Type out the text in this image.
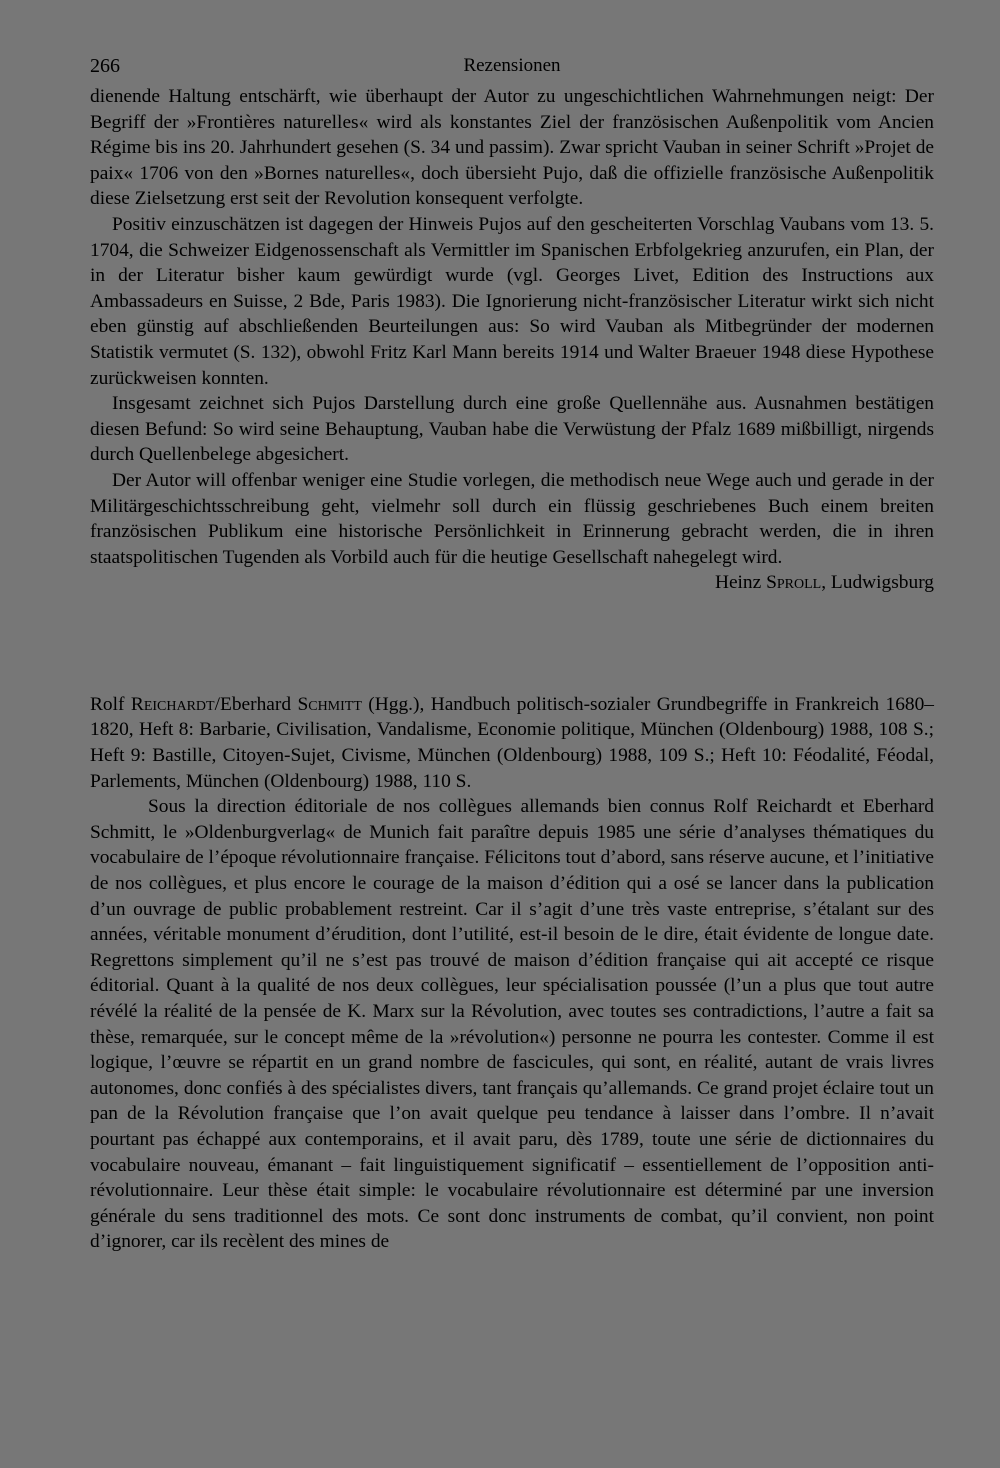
266	Rezensionen

dienende Haltung entschärft, wie überhaupt der Autor zu ungeschichtlichen Wahrnehmungen neigt: Der Begriff der »Frontières naturelles« wird als konstantes Ziel der französischen Außenpolitik vom Ancien Régime bis ins 20. Jahrhundert gesehen (S. 34 und passim). Zwar spricht Vauban in seiner Schrift »Projet de paix« 1706 von den »Bornes naturelles«, doch übersieht Pujo, daß die offizielle französische Außenpolitik diese Zielsetzung erst seit der Revolution konsequent verfolgte.

Positiv einzuschätzen ist dagegen der Hinweis Pujos auf den gescheiterten Vorschlag Vaubans vom 13. 5. 1704, die Schweizer Eidgenossenschaft als Vermittler im Spanischen Erbfolgekrieg anzurufen, ein Plan, der in der Literatur bisher kaum gewürdigt wurde (vgl. Georges Livet, Edition des Instructions aux Ambassadeurs en Suisse, 2 Bde, Paris 1983). Die Ignorierung nicht-französischer Literatur wirkt sich nicht eben günstig auf abschließenden Beurteilungen aus: So wird Vauban als Mitbegründer der modernen Statistik vermutet (S. 132), obwohl Fritz Karl Mann bereits 1914 und Walter Braeuer 1948 diese Hypothese zurückweisen konnten.

Insgesamt zeichnet sich Pujos Darstellung durch eine große Quellennähe aus. Ausnahmen bestätigen diesen Befund: So wird seine Behauptung, Vauban habe die Verwüstung der Pfalz 1689 mißbilligt, nirgends durch Quellenbelege abgesichert.

Der Autor will offenbar weniger eine Studie vorlegen, die methodisch neue Wege auch und gerade in der Militärgeschichtsschreibung geht, vielmehr soll durch ein flüssig geschriebenes Buch einem breiten französischen Publikum eine historische Persönlichkeit in Erinnerung gebracht werden, die in ihren staatspolitischen Tugenden als Vorbild auch für die heutige Gesellschaft nahegelegt wird.

Heinz Sproll, Ludwigsburg

Rolf Reichardt/Eberhard Schmitt (Hgg.), Handbuch politisch-sozialer Grundbegriffe in Frankreich 1680–1820, Heft 8: Barbarie, Civilisation, Vandalisme, Economie politique, München (Oldenbourg) 1988, 108 S.; Heft 9: Bastille, Citoyen-Sujet, Civisme, München (Oldenbourg) 1988, 109 S.; Heft 10: Féodalité, Féodal, Parlements, München (Oldenbourg) 1988, 110 S.

Sous la direction éditoriale de nos collègues allemands bien connus Rolf Reichardt et Eberhard Schmitt, le »Oldenburgverlag« de Munich fait paraître depuis 1985 une série d’analyses thématiques du vocabulaire de l’époque révolutionnaire française. Félicitons tout d’abord, sans réserve aucune, et l’initiative de nos collègues, et plus encore le courage de la maison d’édition qui a osé se lancer dans la publication d’un ouvrage de public probablement restreint. Car il s’agit d’une très vaste entreprise, s’étalant sur des années, véritable monument d’érudition, dont l’utilité, est-il besoin de le dire, était évidente de longue date. Regrettons simplement qu’il ne s’est pas trouvé de maison d’édition française qui ait accepté ce risque éditorial. Quant à la qualité de nos deux collègues, leur spécialisation poussée (l’un a plus que tout autre révélé la réalité de la pensée de K. Marx sur la Révolution, avec toutes ses contradictions, l’autre a fait sa thèse, remarquée, sur le concept même de la »révolution«) personne ne pourra les contester. Comme il est logique, l’œuvre se répartit en un grand nombre de fascicules, qui sont, en réalité, autant de vrais livres autonomes, donc confiés à des spécialistes divers, tant français qu’allemands. Ce grand projet éclaire tout un pan de la Révolution française que l’on avait quelque peu tendance à laisser dans l’ombre. Il n’avait pourtant pas échappé aux contemporains, et il avait paru, dès 1789, toute une série de dictionnaires du vocabulaire nouveau, émanant – fait linguistiquement significatif – essentiellement de l’opposition anti-révolutionnaire. Leur thèse était simple: le vocabulaire révolutionnaire est déterminé par une inversion générale du sens traditionnel des mots. Ce sont donc instruments de combat, qu’il convient, non point d’ignorer, car ils recèlent des mines de
